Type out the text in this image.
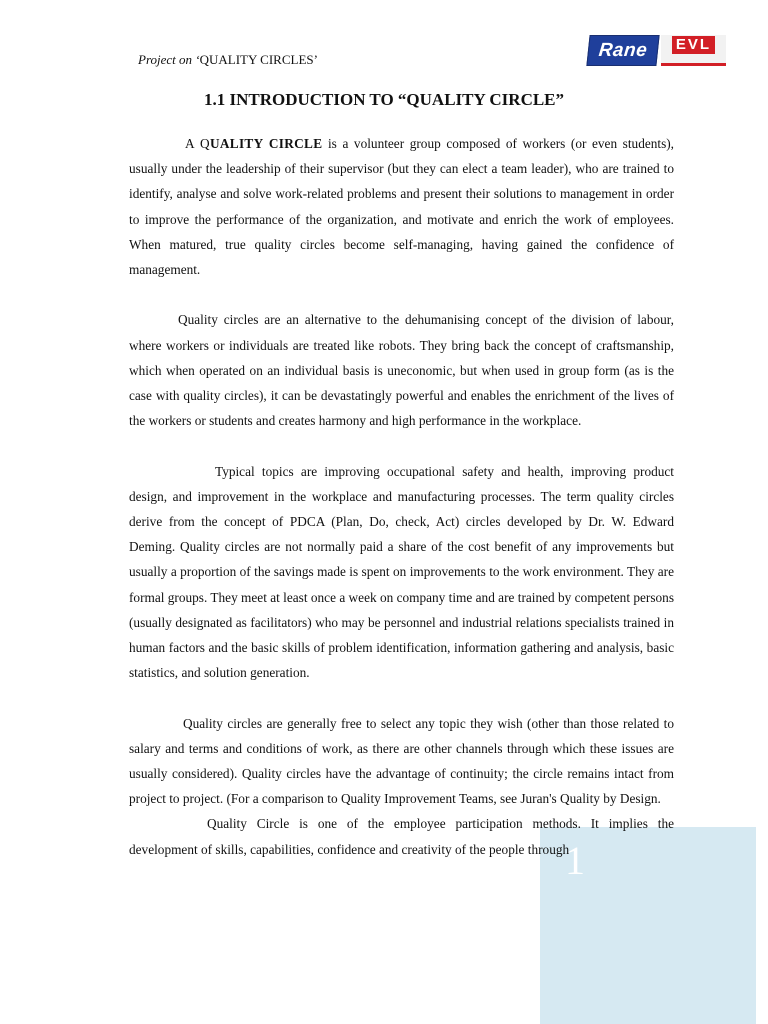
Project on ‘QUALITY CIRCLES’	Rane EVL
1.1 INTRODUCTION TO “QUALITY CIRCLE”
1

A QUALITY CIRCLE is a volunteer group composed of workers (or even students), usually under the leadership of their supervisor (but they can elect a team leader), who are trained to identify, analyse and solve work-related problems and present their solutions to management in order to improve the performance of the organization, and motivate and enrich the work of employees. When matured, true quality circles become self-managing, having gained the confidence of management.

Quality circles are an alternative to the dehumanising concept of the division of labour, where workers or individuals are treated like robots. They bring back the concept of craftsmanship, which when operated on an individual basis is uneconomic, but when used in group form (as is the case with quality circles), it can be devastatingly powerful and enables the enrichment of the lives of the workers or students and creates harmony and high performance in the workplace.

Typical topics are improving occupational safety and health, improving product design, and improvement in the workplace and manufacturing processes. The term quality circles derive from the concept of PDCA (Plan, Do, check, Act) circles developed by Dr. W. Edward Deming. Quality circles are not normally paid a share of the cost benefit of any improvements but usually a proportion of the savings made is spent on improvements to the work environment. They are formal groups. They meet at least once a week on company time and are trained by competent persons (usually designated as facilitators) who may be personnel and industrial relations specialists trained in human factors and the basic skills of problem identification, information gathering and analysis, basic statistics, and solution generation.

Quality circles are generally free to select any topic they wish (other than those related to salary and terms and conditions of work, as there are other channels through which these issues are usually considered). Quality circles have the advantage of continuity; the circle remains intact from project to project. (For a comparison to Quality Improvement Teams, see Juran's Quality by Design.

Quality Circle is one of the employee participation methods. It implies the development of skills, capabilities, confidence and creativity of the people through
